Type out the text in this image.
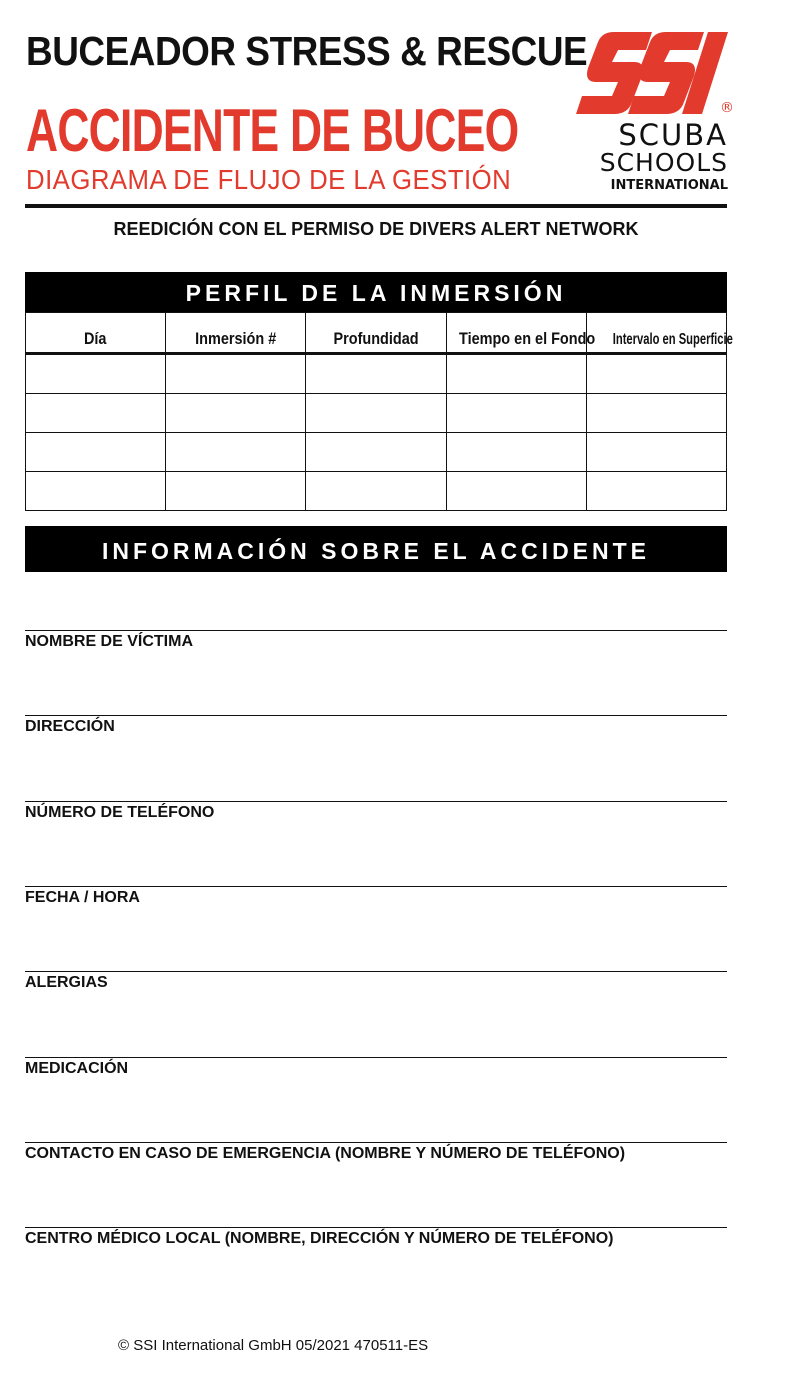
BUCEADOR STRESS & RESCUE
ACCIDENTE DE BUCEO
DIAGRAMA DE FLUJO DE LA GESTIÓN
®
SCUBA
SCHOOLS
INTERNATIONAL
REEDICIÓN CON EL PERMISO DE DIVERS ALERT NETWORK
PERFIL DE LA INMERSIÓN
Día	Inmersión #	Profundidad	Tiempo en el Fondo	Intervalo en Superficie

INFORMACIÓN SOBRE EL ACCIDENTE
NOMBRE DE VÍCTIMA
DIRECCIÓN
NÚMERO DE TELÉFONO
FECHA / HORA
ALERGIAS
MEDICACIÓN
CONTACTO EN CASO DE EMERGENCIA (NOMBRE Y NÚMERO DE TELÉFONO)
CENTRO MÉDICO LOCAL (NOMBRE, DIRECCIÓN Y NÚMERO DE TELÉFONO)
© SSI International GmbH 05/2021 470511-ES
